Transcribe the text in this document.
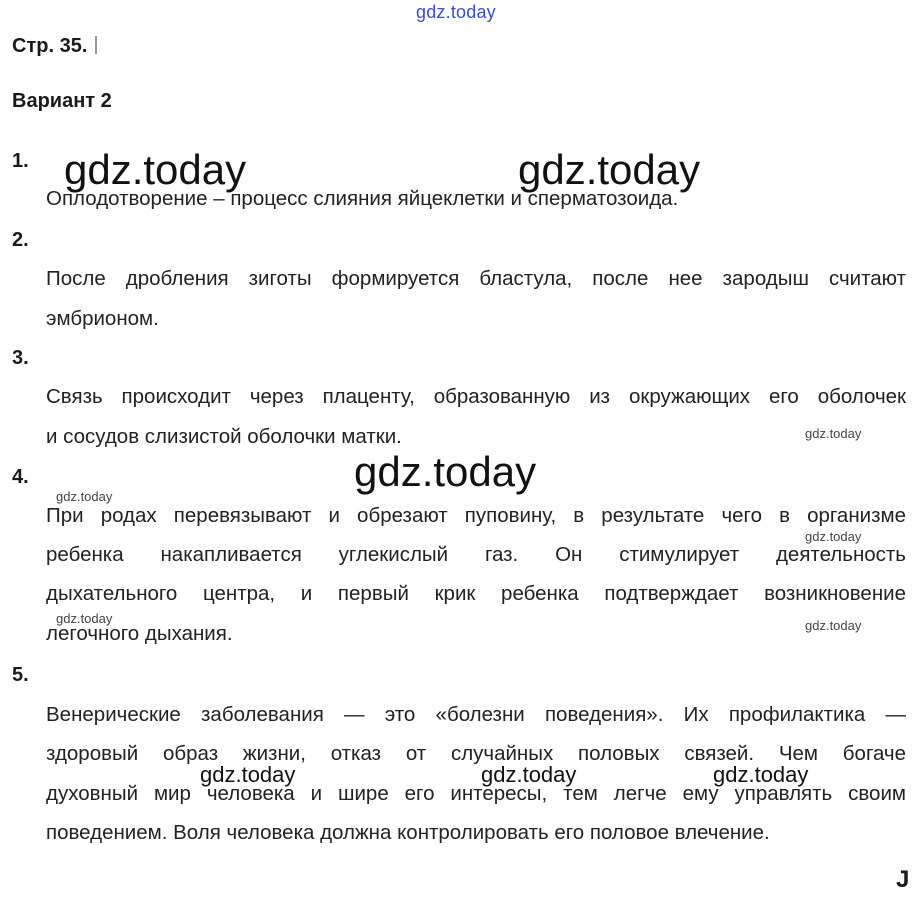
gdz.today
Стр. 35.
Вариант 2
1.
Оплодотворение – процесс слияния яйцеклетки и сперматозоида.
2.
После дробления зиготы формируется бластула, после нее зародыш считают
эмбрионом.
3.
Связь происходит через плаценту, образованную из окружающих его оболочек
и сосудов слизистой оболочки матки.
4.
При родах перевязывают и обрезают пуповину, в результате чего в организме
ребенка накапливается углекислый газ. Он стимулирует деятельность
дыхательного центра, и первый крик ребенка подтверждает возникновение
легочного дыхания.
5.
Венерические заболевания — это «болезни поведения». Их профилактика —
здоровый образ жизни, отказ от случайных половых связей. Чем богаче
духовный мир человека и шире его интересы, тем легче ему управлять своим
поведением. Воля человека должна контролировать его половое влечение.
gdz.today	gdz.today
gdz.today
gdz.today
gdz.today
gdz.today
gdz.today	gdz.today
gdz.today	gdz.today	gdz.today
J
